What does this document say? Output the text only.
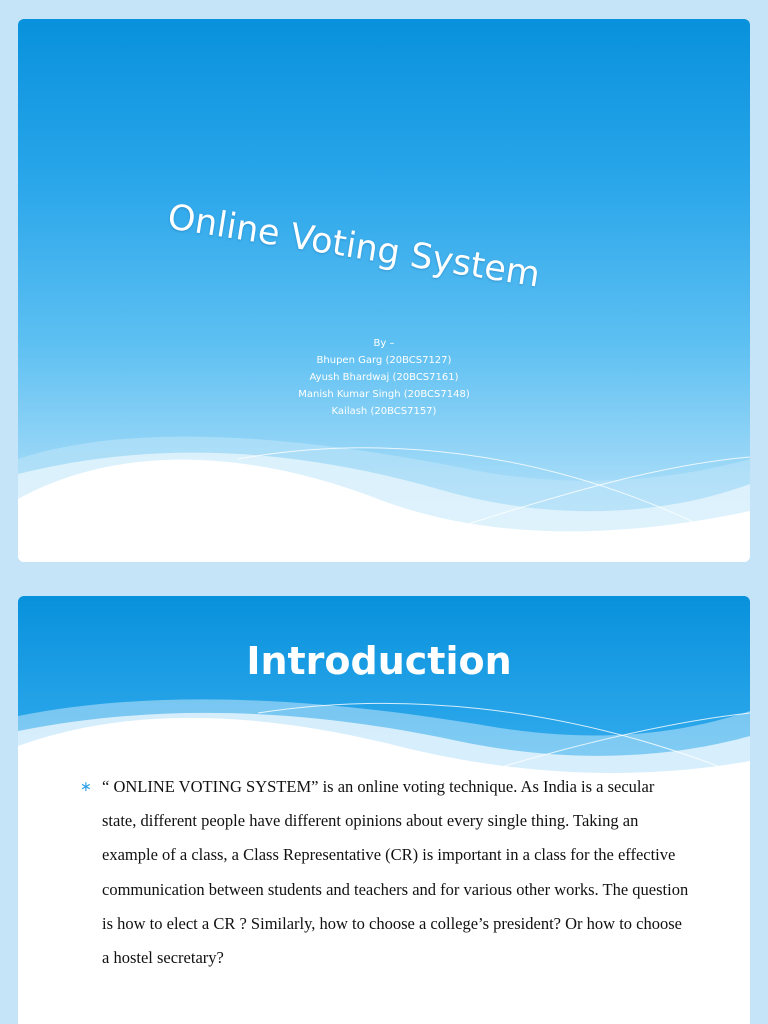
Online Voting System
By –
Bhupen Garg (20BCS7127)
Ayush Bhardwaj (20BCS7161)
Manish Kumar Singh (20BCS7148)
Kailash (20BCS7157)
Introduction
∗ “ ONLINE VOTING SYSTEM” is an online voting technique. As India is a secular state, different people have different opinions about every single thing. Taking an example of a class, a Class Representative (CR) is important in a class for the effective communication between students and teachers and for various other works. The question is how to elect a CR ? Similarly, how to choose a college’s president? Or how to choose a hostel secretary?
